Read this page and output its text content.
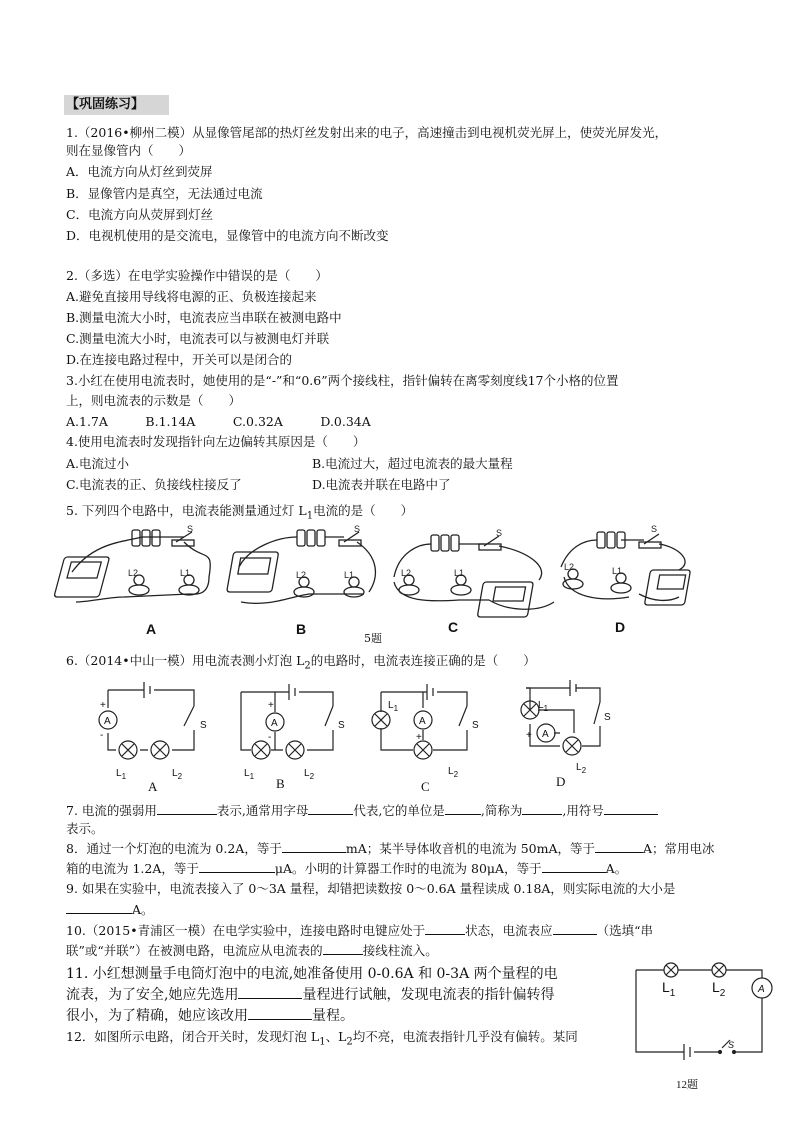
【巩固练习】
1.（2016•柳州二模）从显像管尾部的热灯丝发射出来的电子，高速撞击到电视机荧光屏上，使荧光屏发光，
则在显像管内（　　）
A．电流方向从灯丝到荧屏
B．显像管内是真空，无法通过电流
C．电流方向从荧屏到灯丝
D．电视机使用的是交流电，显像管中的电流方向不断改变
2.（多选）在电学实验操作中错误的是（　　）
A.避免直接用导线将电源的正、负极连接起来
B.测量电流大小时，电流表应当串联在被测电路中
C.测量电流大小时，电流表可以与被测电灯并联
D.在连接电路过程中，开关可以是闭合的
3.小红在使用电流表时，她使用的是“-”和“0.6”两个接线柱，指针偏转在离零刻度线17个小格的位置
上，则电流表的示数是（　　）
A.1.7A　　　B.1.14A　　　C.0.32A　　　D.0.34A
4.使用电流表时发现指针向左边偏转其原因是（　　）
A.电流过小	B.电流过大，超过电流表的最大量程
C.电流表的正、负接线柱接反了	D.电流表并联在电路中了
5. 下列四个电路中，电流表能测量通过灯 $L_1$电流的是（　　）
S
L2	L1
S
L2	L1
S
L2	L1
S
L2	L1
A	B	C	D
5题
6.（2014•中山一模）用电流表测小灯泡 $L_2$的电路时，电流表连接正确的是（　　）
A	S
+
-
$L_1$	$L_2$
A	S
+
-
$L_1$	$L_2$
A	S
$L_1$
$L_2$
+	A
S
$L_1$
$L_2$
+
A	B	C	D
7. 电流的强弱用	表示,通常用字母	代表,它的单位是	,简称为	,用符号
表示。
8．通过一个灯泡的电流为 0.2A，等于	mA；某半导体收音机的电流为 50mA，等于	A；常用电冰
箱的电流为 1.2A，等于	μA。小明的计算器工作时的电流为 80μA，等于	A。
9. 如果在实验中，电流表接入了 0～3A 量程，却错把读数按 0～0.6A 量程读成 0.18A，则实际电流的大小是
A。
10.（2015•青浦区一模）在电学实验中，连接电路时电键应处于	状态，电流表应	（选填“串
联”或“并联”）在被测电路，电流应从电流表的	接线柱流入。
11. 小红想测量手电筒灯泡中的电流,她准备使用 0-0.6A 和 0-3A 两个量程的电
流表，为了安全,她应先选用	量程进行试触，发现电流表的指针偏转得
很小，为了精确，她应该改用	量程。
12．如图所示电路，闭合开关时，发现灯泡 $L_1$、$L_2$均不亮，电流表指针几乎没有偏转。某同
$L_1$	$L_2$	A
S
12题
